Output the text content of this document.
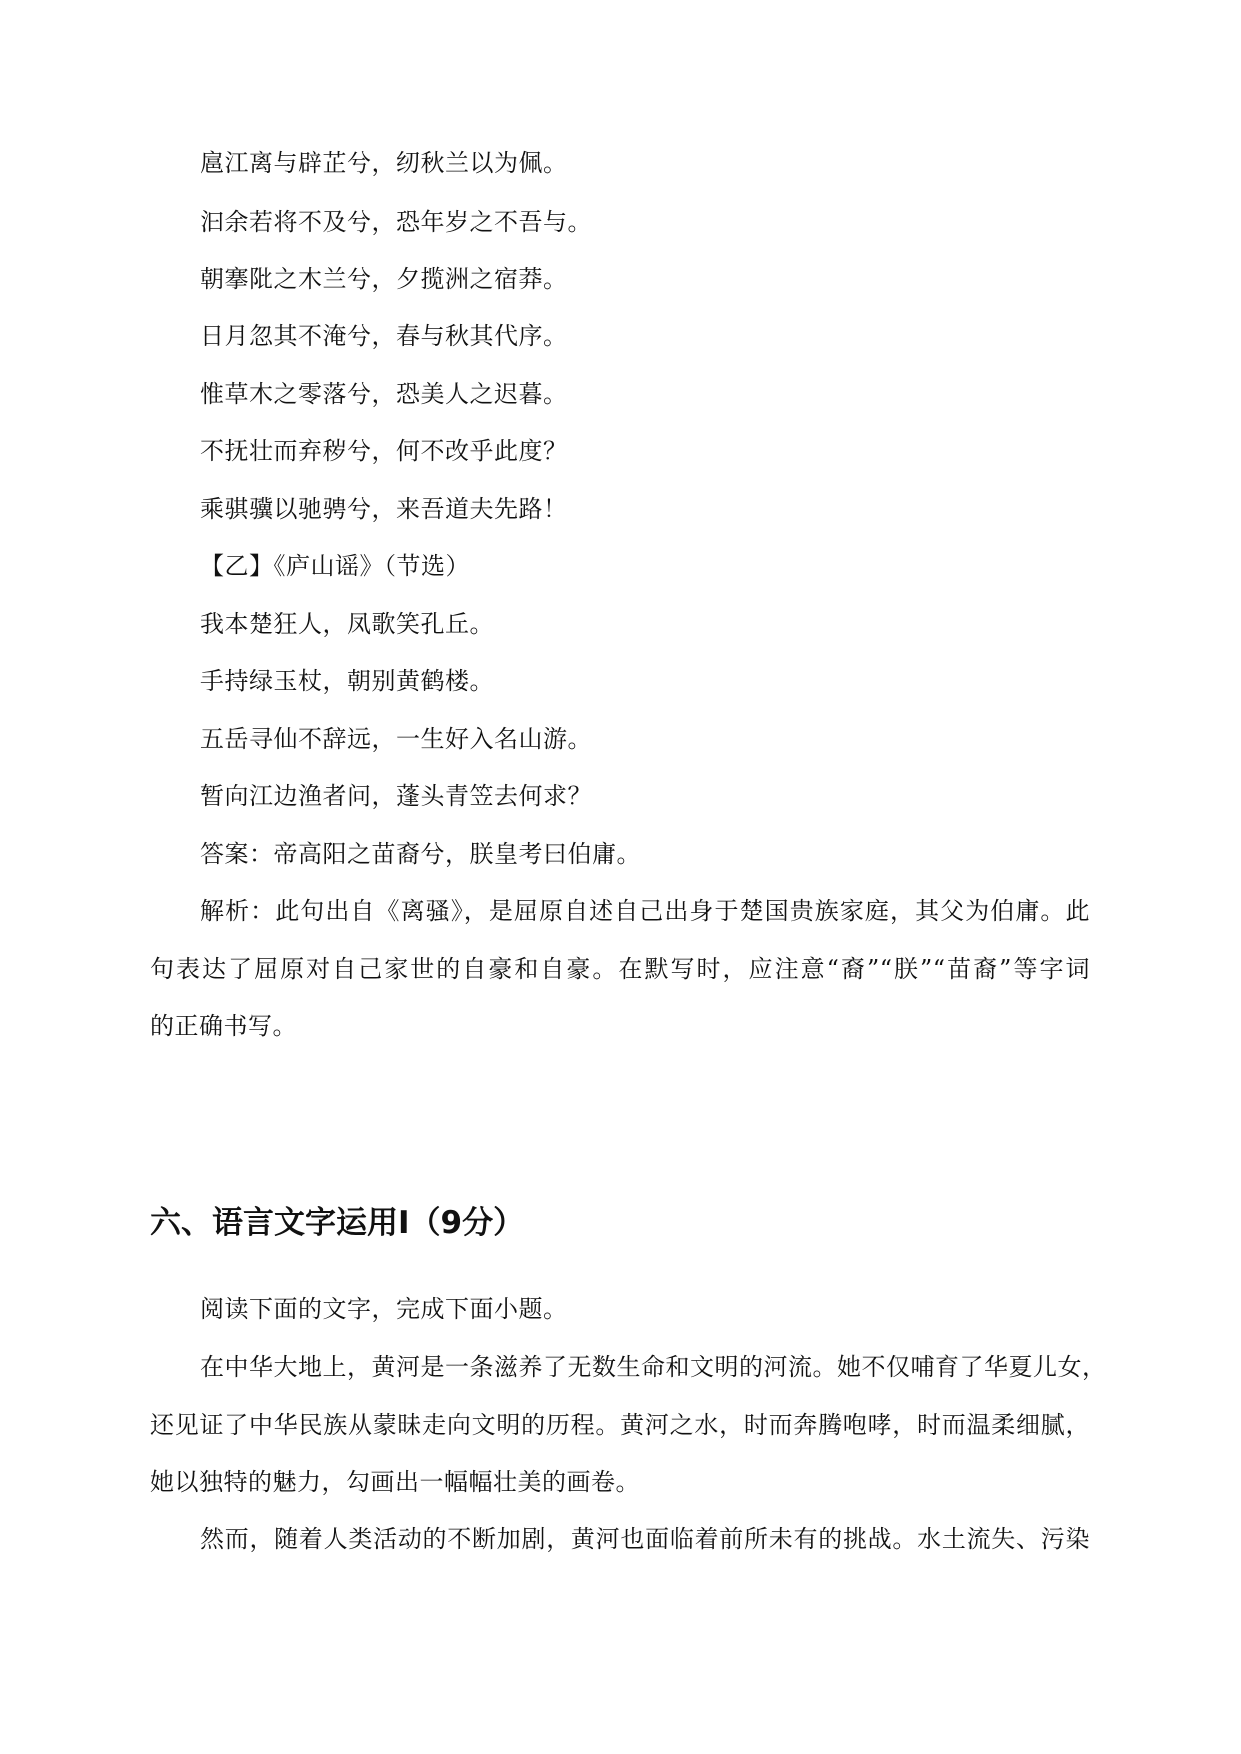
扈江离与辟芷兮，纫秋兰以为佩。
汩余若将不及兮，恐年岁之不吾与。
朝搴阰之木兰兮，夕揽洲之宿莽。
日月忽其不淹兮，春与秋其代序。
惟草木之零落兮，恐美人之迟暮。
不抚壮而弃秽兮，何不改乎此度？
乘骐骥以驰骋兮，来吾道夫先路！
【乙】《庐山谣》（节选）
我本楚狂人，凤歌笑孔丘。
手持绿玉杖，朝别黄鹤楼。
五岳寻仙不辞远，一生好入名山游。
暂向江边渔者问，蓬头青笠去何求？
答案：帝高阳之苗裔兮，朕皇考曰伯庸。
解析：此句出自《离骚》，是屈原自述自己出身于楚国贵族家庭，其父为伯庸。此
句表达了屈原对自己家世的自豪和自豪。在默写时，应注意“裔”“朕”“苗裔”等字词
的正确书写。
六、语言文字运用Ⅰ（9分）
阅读下面的文字，完成下面小题。
在中华大地上，黄河是一条滋养了无数生命和文明的河流。她不仅哺育了华夏儿女，
还见证了中华民族从蒙昧走向文明的历程。黄河之水，时而奔腾咆哮，时而温柔细腻，
她以独特的魅力，勾画出一幅幅壮美的画卷。
然而，随着人类活动的不断加剧，黄河也面临着前所未有的挑战。水土流失、污染
